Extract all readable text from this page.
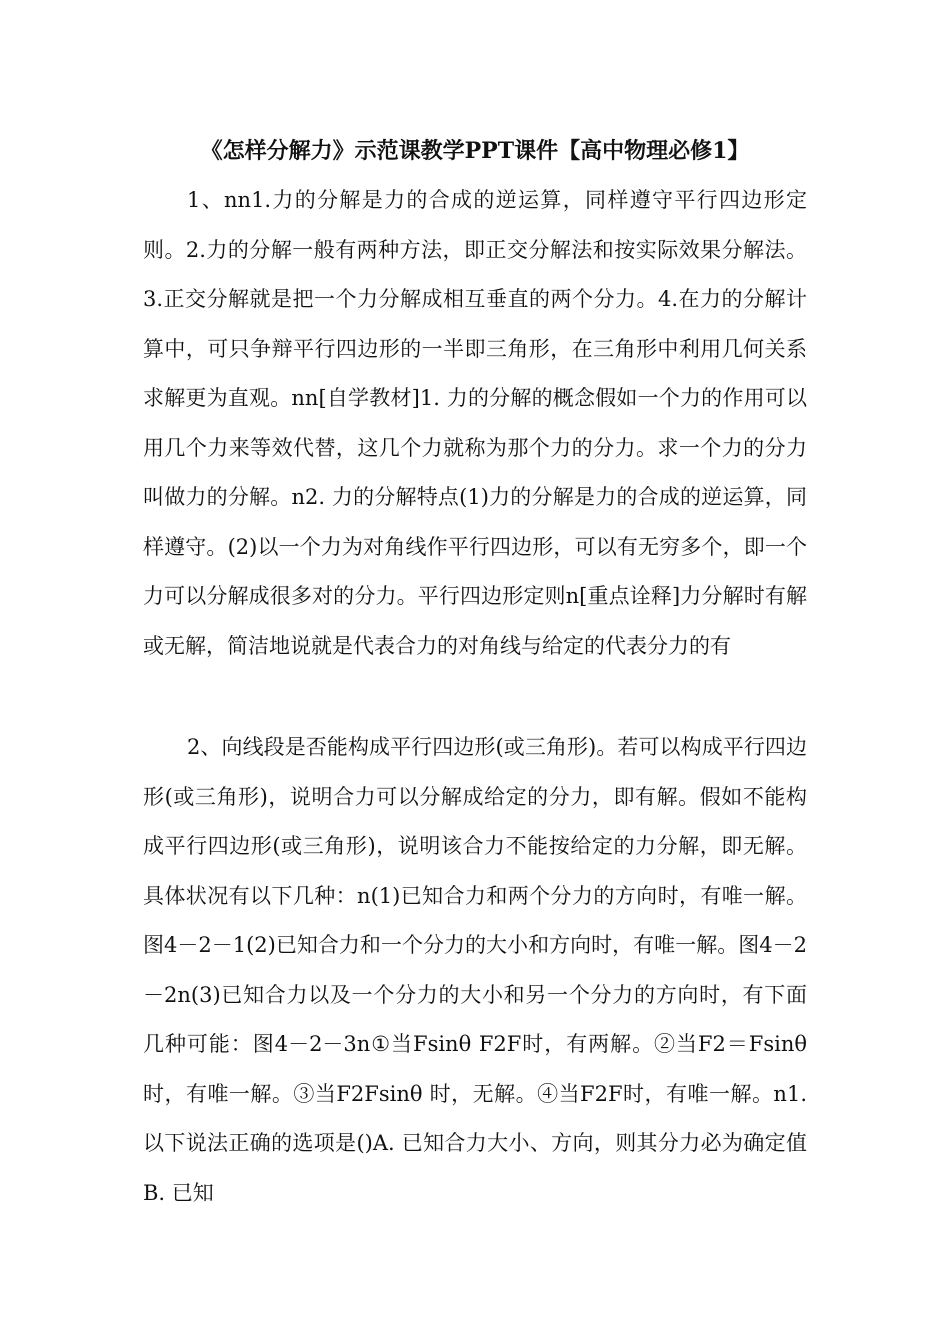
《怎样分解力》示范课教学PPT课件【高中物理必修1】

1、nn1.力的分解是力的合成的逆运算，同样遵守平行四边形定则。2.力的分解一般有两种方法，即正交分解法和按实际效果分解法。3.正交分解就是把一个力分解成相互垂直的两个分力。4.在力的分解计算中，可只争辩平行四边形的一半即三角形，在三角形中利用几何关系求解更为直观。nn[自学教材]1. 力的分解的概念假如一个力的作用可以用几个力来等效代替，这几个力就称为那个力的分力。求一个力的分力叫做力的分解。n2. 力的分解特点(1)力的分解是力的合成的逆运算，同样遵守。(2)以一个力为对角线作平行四边形，可以有无穷多个，即一个力可以分解成很多对的分力。平行四边形定则n[重点诠释]力分解时有解或无解，简洁地说就是代表合力的对角线与给定的代表分力的有

2、向线段是否能构成平行四边形(或三角形)。若可以构成平行四边形(或三角形)，说明合力可以分解成给定的分力，即有解。假如不能构成平行四边形(或三角形)，说明该合力不能按给定的力分解，即无解。具体状况有以下几种：n(1)已知合力和两个分力的方向时，有唯一解。图4－2－1(2)已知合力和一个分力的大小和方向时，有唯一解。图4－2－2n(3)已知合力以及一个分力的大小和另一个分力的方向时，有下面几种可能：图4－2－3n①当Fsinθ F2F时，有两解。②当F2＝Fsinθ 时，有唯一解。③当F2Fsinθ 时，无解。④当F2F时，有唯一解。n1. 以下说法正确的选项是()A. 已知合力大小、方向，则其分力必为确定值B. 已知
